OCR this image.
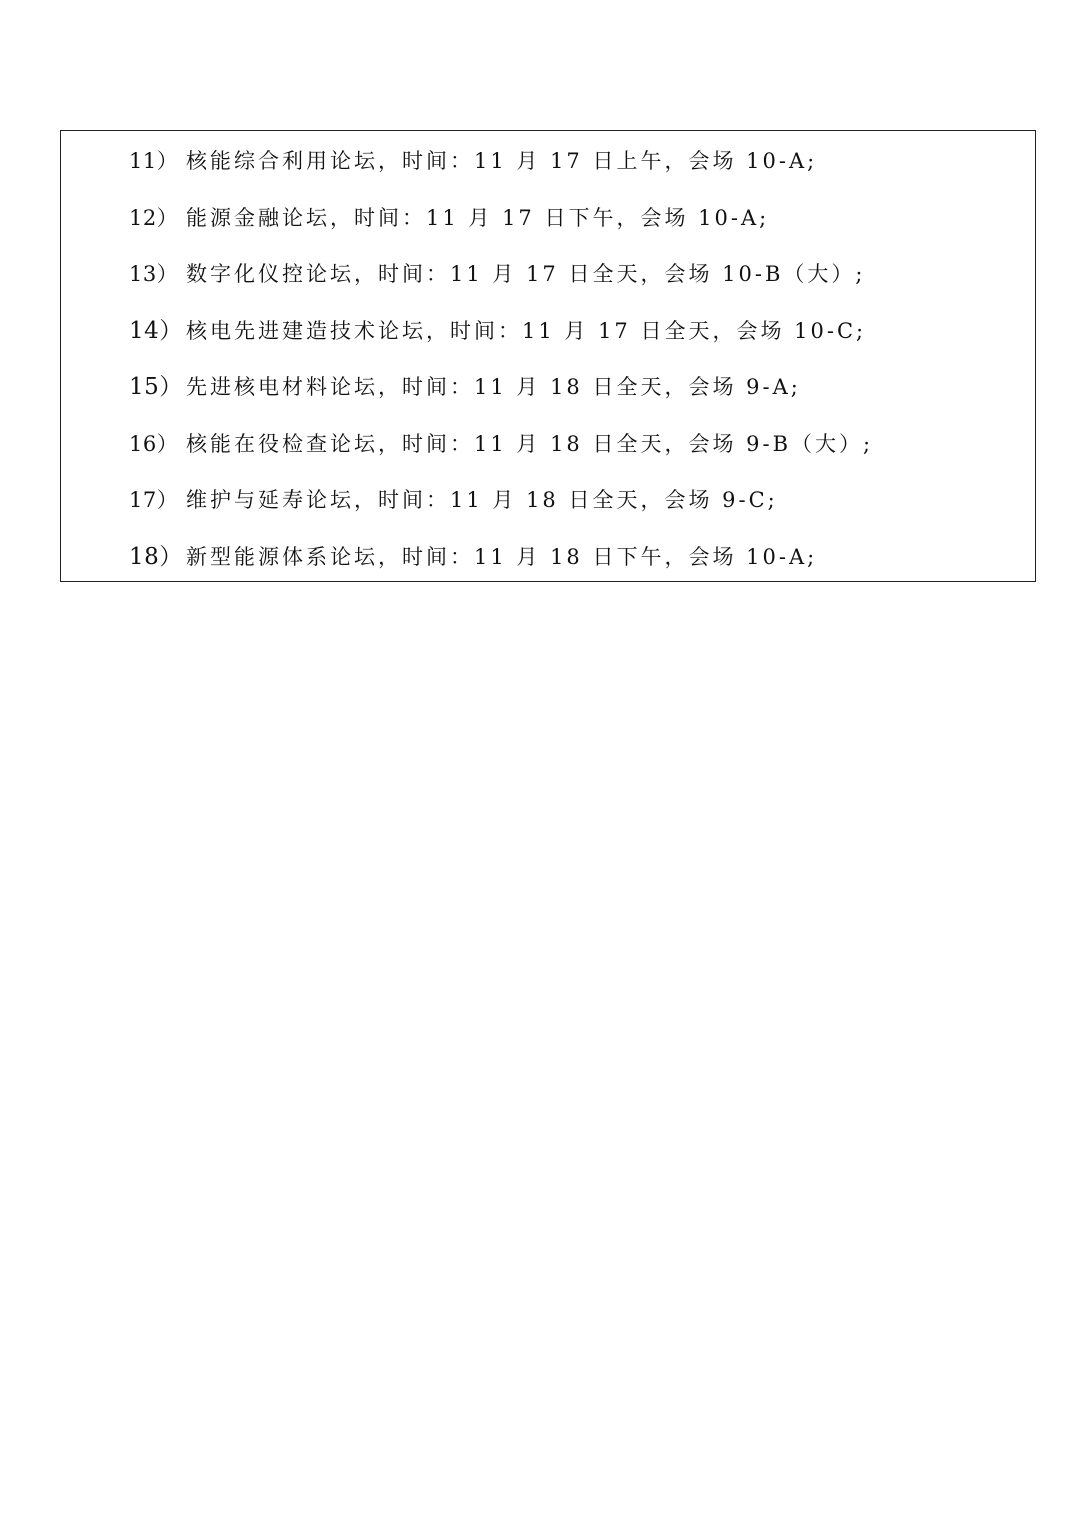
11） 核能综合利用论坛，时间：11 月 17 日上午，会场 10-A;
12） 能源金融论坛，时间：11 月 17 日下午，会场 10-A;
13） 数字化仪控论坛，时间：11 月 17 日全天，会场 10-B（大）;
14） 核电先进建造技术论坛，时间：11 月 17 日全天，会场 10-C;
15） 先进核电材料论坛，时间：11 月 18 日全天，会场 9-A;
16） 核能在役检查论坛，时间：11 月 18 日全天，会场 9-B（大）;
17） 维护与延寿论坛，时间：11 月 18 日全天，会场 9-C;
18） 新型能源体系论坛，时间：11 月 18 日下午，会场 10-A;
